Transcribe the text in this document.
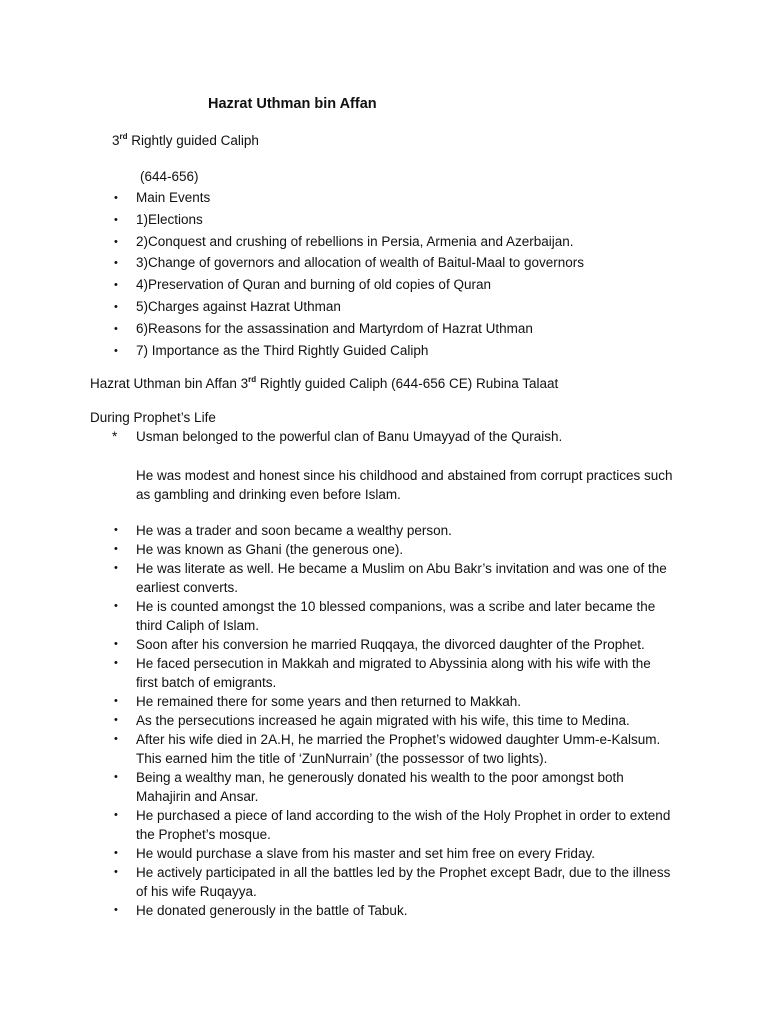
Hazrat Uthman bin Affan
3rd Rightly guided Caliph
(644-656)
• Main Events
• 1)Elections
• 2)Conquest and crushing of rebellions in Persia, Armenia and Azerbaijan.
• 3)Change of governors and allocation of wealth of Baitul-Maal to governors
• 4)Preservation of Quran and burning of old copies of Quran
• 5)Charges against Hazrat Uthman
• 6)Reasons for the assassination and Martyrdom of Hazrat Uthman
• 7) Importance as the Third Rightly Guided Caliph
Hazrat Uthman bin Affan 3rd Rightly guided Caliph (644-656 CE) Rubina Talaat
During Prophet’s Life
* Usman belonged to the powerful clan of Banu Umayyad of the Quraish.
He was modest and honest since his childhood and abstained from corrupt practices such as gambling and drinking even before Islam.
• He was a trader and soon became a wealthy person.
• He was known as Ghani (the generous one).
• He was literate as well. He became a Muslim on Abu Bakr’s invitation and was one of the earliest converts.
• He is counted amongst the 10 blessed companions, was a scribe and later became the third Caliph of Islam.
• Soon after his conversion he married Ruqqaya, the divorced daughter of the Prophet.
• He faced persecution in Makkah and migrated to Abyssinia along with his wife with the first batch of emigrants.
• He remained there for some years and then returned to Makkah.
• As the persecutions increased he again migrated with his wife, this time to Medina.
• After his wife died in 2A.H, he married the Prophet’s widowed daughter Umm-e-Kalsum. This earned him the title of ‘ZunNurrain’ (the possessor of two lights).
• Being a wealthy man, he generously donated his wealth to the poor amongst both Mahajirin and Ansar.
• He purchased a piece of land according to the wish of the Holy Prophet in order to extend the Prophet’s mosque.
• He would purchase a slave from his master and set him free on every Friday.
• He actively participated in all the battles led by the Prophet except Badr, due to the illness of his wife Ruqayya.
• He donated generously in the battle of Tabuk.
